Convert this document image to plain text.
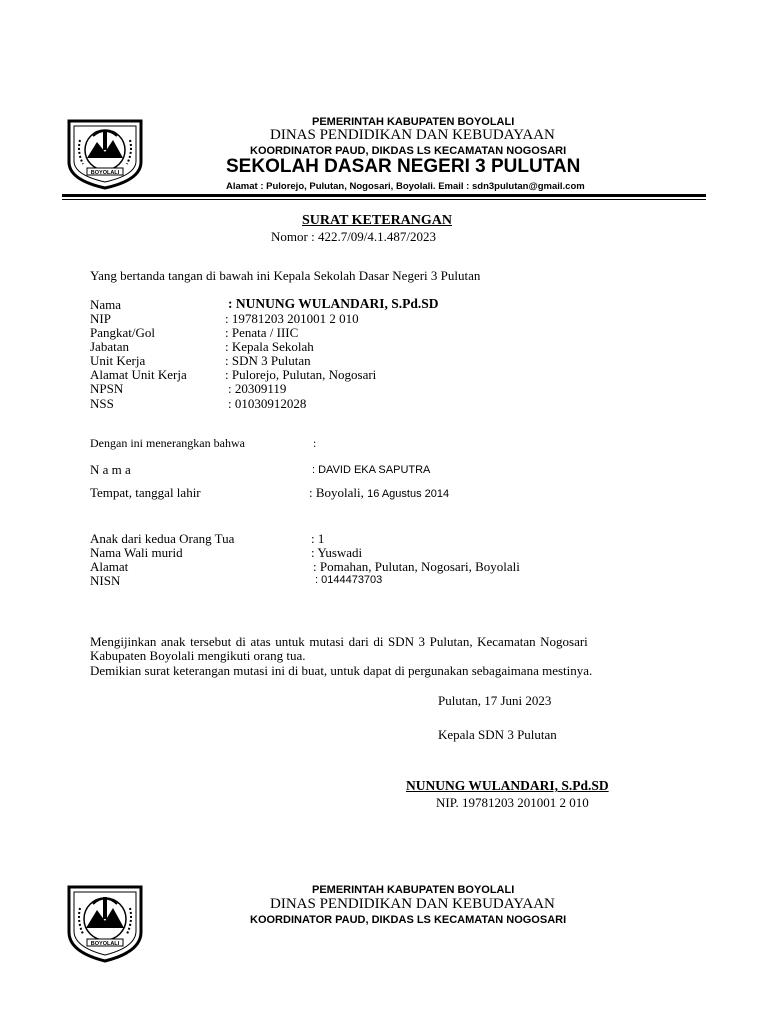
BOYOLALI
PEMERINTAH KABUPATEN BOYOLALI
DINAS PENDIDIKAN DAN KEBUDAYAAN
KOORDINATOR PAUD, DIKDAS LS KECAMATAN NOGOSARI
SEKOLAH DASAR NEGERI 3 PULUTAN
Alamat : Pulorejo, Pulutan, Nogosari, Boyolali. Email : sdn3pulutan@gmail.com
SURAT KETERANGAN
Nomor : 422.7/09/4.1.487/2023
Yang bertanda tangan di bawah ini Kepala Sekolah Dasar Negeri 3 Pulutan
Nama	: NUNUNG WULANDARI, S.Pd.SD
NIP	: 19781203 201001 2 010
Pangkat/Gol	: Penata / IIIC
Jabatan	: Kepala Sekolah
Unit Kerja	: SDN 3 Pulutan
Alamat Unit Kerja	: Pulorejo, Pulutan, Nogosari
NPSN	: 20309119
NSS	: 01030912028
Dengan ini menerangkan bahwa	:
N a m a	: DAVID EKA SAPUTRA
Tempat, tanggal lahir	: Boyolali, 16 Agustus 2014
Anak dari kedua Orang Tua	: 1
Nama Wali murid	: Yuswadi
Alamat	: Pomahan, Pulutan, Nogosari, Boyolali
NISN	: 0144473703
Mengijinkan anak tersebut di atas untuk mutasi dari di SDN 3 Pulutan, Kecamatan Nogosari
Kabupaten Boyolali mengikuti orang tua.
Demikian surat keterangan mutasi ini di buat, untuk dapat di pergunakan sebagaimana mestinya.
Pulutan, 17 Juni 2023
Kepala SDN 3 Pulutan
NUNUNG WULANDARI, S.Pd.SD
NIP. 19781203 201001 2 010
BOYOLALI
PEMERINTAH KABUPATEN BOYOLALI
DINAS PENDIDIKAN DAN KEBUDAYAAN
KOORDINATOR PAUD, DIKDAS LS KECAMATAN NOGOSARI
